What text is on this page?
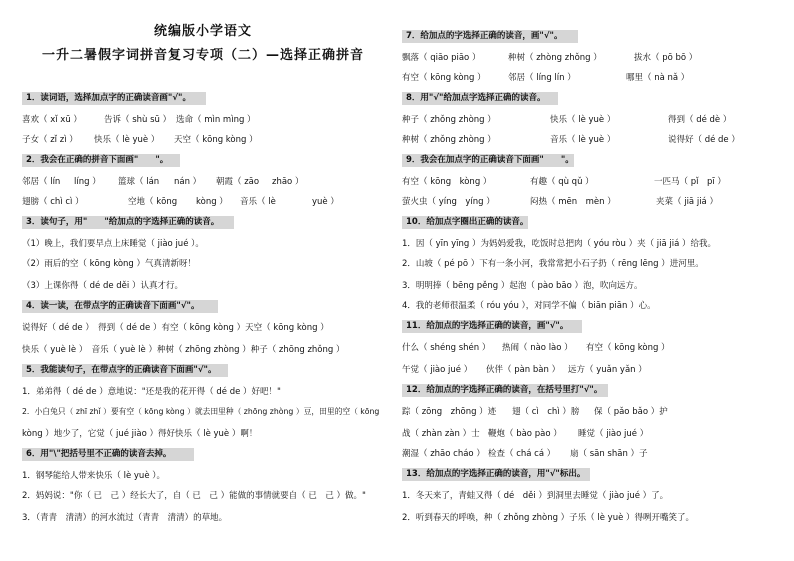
统编版小学语文
一升二暑假字词拼音复习专项（二）—选择正确拼音
1．读词语，选择加点字的正确读音画"√"。
喜欢（ xǐ xū ）	告诉（ shù sū ） 选命（ mìn mìng ）
子女（ zǐ zì ） 快乐（ lè yuè ） 天空（ kōng kòng ）
2．我会在正确的拼音下面画"　　"。
邻居（ lín líng ） 篮球（ lán nán ） 朝霞（ zāo zhāo ）
翅膀（ chì cì ）	空地（ kōng kòng ） 音乐（ lè	yuè ）
3．读句子，用"　　"给加点的字选择正确的读音。
（1）晚上，我们要早点上床睡觉（ jiào jué ）。
（2）雨后的空（ kōng kòng ）气真清新呀！
（3）上课你得（ dé de děi ）认真才行。
4．读一读，在带点字的正确读音下面画"√"。
说得好（ dé de ）　得到（ dé de ）有空（ kōng kòng ）天空（ kōng kòng ）
快乐（ yuè lè ）　音乐（ yuè lè ）种树（ zhōng zhòng ）种子（ zhōng zhǒng ）
5．我能读句子，在带点字的正确读音下面画"√"。
1．弟弟得（ dé de ）意地说："还是我的花开得（ dé de ）好吧！"
2．小白兔只（ zhī zhǐ ）要有空（ kōng kòng ）就去田里种（ zhōng zhòng ）豆，田里的空（ kōng
kòng ）地少了，它觉（ jué jiào ）得好快乐（ lè yuè ）啊！
6．用"\"把括号里不正确的读音去掉。
1．钢琴能给人带来快乐（ lè yuè ）。
2．妈妈说："你（ 已　己 ）经长大了，自（ 已　己 ）能做的事情就要自（ 已　己 ）做。"
3．（青青　清清）的河水流过（青青　清清）的草地。
7．给加点的字选择正确的读音，画"√"。
飘落（ qiāo piāo ）	种树（ zhòng zhǒng ）	拔水（ pō bō ）
有空（ kōng kòng ）	邻居（ líng lín ）	哪里（ nà nǎ ）
8．用"√"给加点字选择正确的读音。
种子（ zhǒng zhòng ）	快乐（ lè yuè ）	得到（ dé dè ）
种树（ zhǒng zhòng ）	音乐（ lè yuè ）	说得好（ dé de ）
9．我会在加点字的正确读音下面画"　　"。
有空（ kōng　kòng ）	有趣（ qù qǔ ）	一匹马（ pǐ　pī ）
萤火虫（ yíng　yíng ）	闷热（ mēn　mèn ）	夹菜（ jiā jiá ）
10．给加点字圈出正确的读音。
1．因（ yīn yīng ）为妈妈爱我，吃饭时总把肉（ yóu ròu ）夹（ jiā jiá ）给我。
2．山坡（ pé pō ）下有一条小河，我常常把小石子扔（ rēng lēng ）进河里。
3．明明捧（ bēng pěng ）起泡（ pào bāo ）泡，吹向远方。
4．我的老师很温柔（ róu yóu ），对同学不偏（ biān piān ）心。
11．给加点的字选择正确的读音，画"√"。
什么（ shéng shén ） 热闹（ nào lào ） 有空（ kōng kòng ）
午觉（ jiào jué ） 伙伴（ pàn bàn ） 远方（ yuǎn yǎn ）
12．给加点的字选择正确的读音，在括号里打"√"。
踪（ zōng　zhōng ）迹 翅（ cì　chì ）膀 保（ pǎo bǎo ）护
战（ zhàn zàn ）士 鞭炮（ bào pào ） 睡觉（ jiào jué ）
潮湿（ zhāo cháo ） 检查（ chá cá ） 扇（ sān shān ）子
13．给加点的字选择正确的读音，用"√"标出。
1．冬天来了，青蛙又得（ dé　děi ）到洞里去睡觉（ jiào jué ）了。
2．听到春天的呼唤，种（ zhǒng zhòng ）子乐（ lè yuè ）得咧开嘴笑了。
